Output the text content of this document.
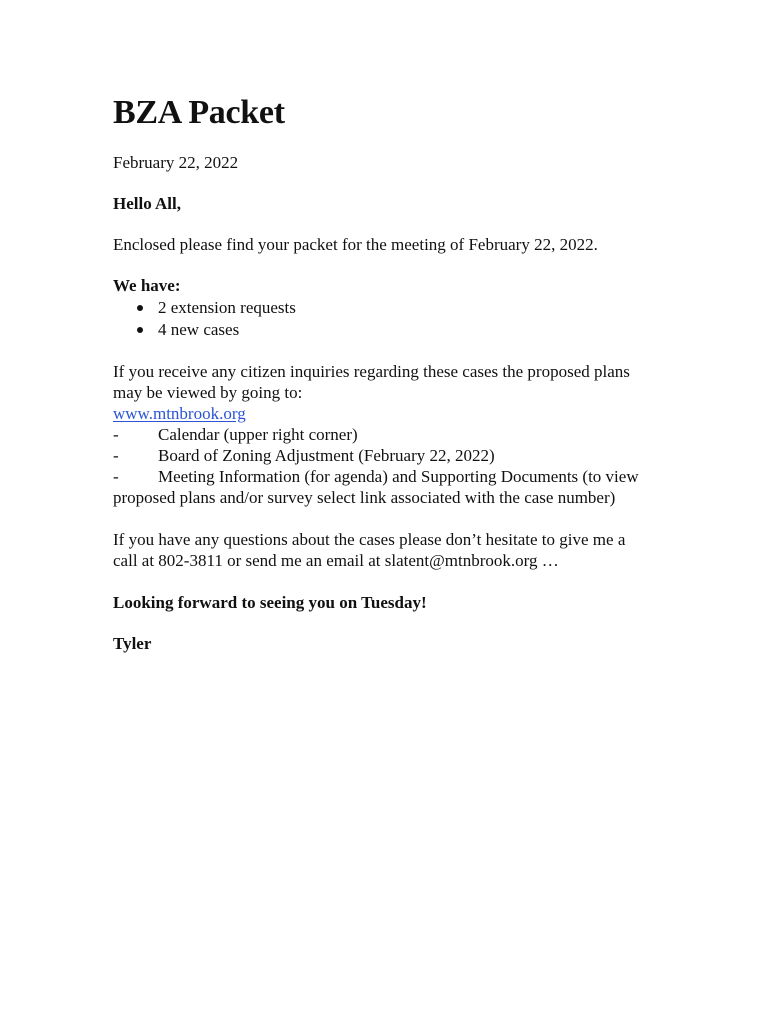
BZA Packet

February 22, 2022

Hello All,

Enclosed please find your packet for the meeting of February 22, 2022.

We have:

2 extension requests
4 new cases

If you receive any citizen inquiries regarding these cases the proposed plans

may be viewed by going to:

www.mtnbrook.org

- Calendar (upper right corner)

- Board of Zoning Adjustment (February 22, 2022)

- Meeting Information (for agenda) and Supporting Documents (to view

proposed plans and/or survey select link associated with the case number)

If you have any questions about the cases please don’t hesitate to give me a

call at 802-3811 or send me an email at slatent@mtnbrook.org …

Looking forward to seeing you on Tuesday!

Tyler
